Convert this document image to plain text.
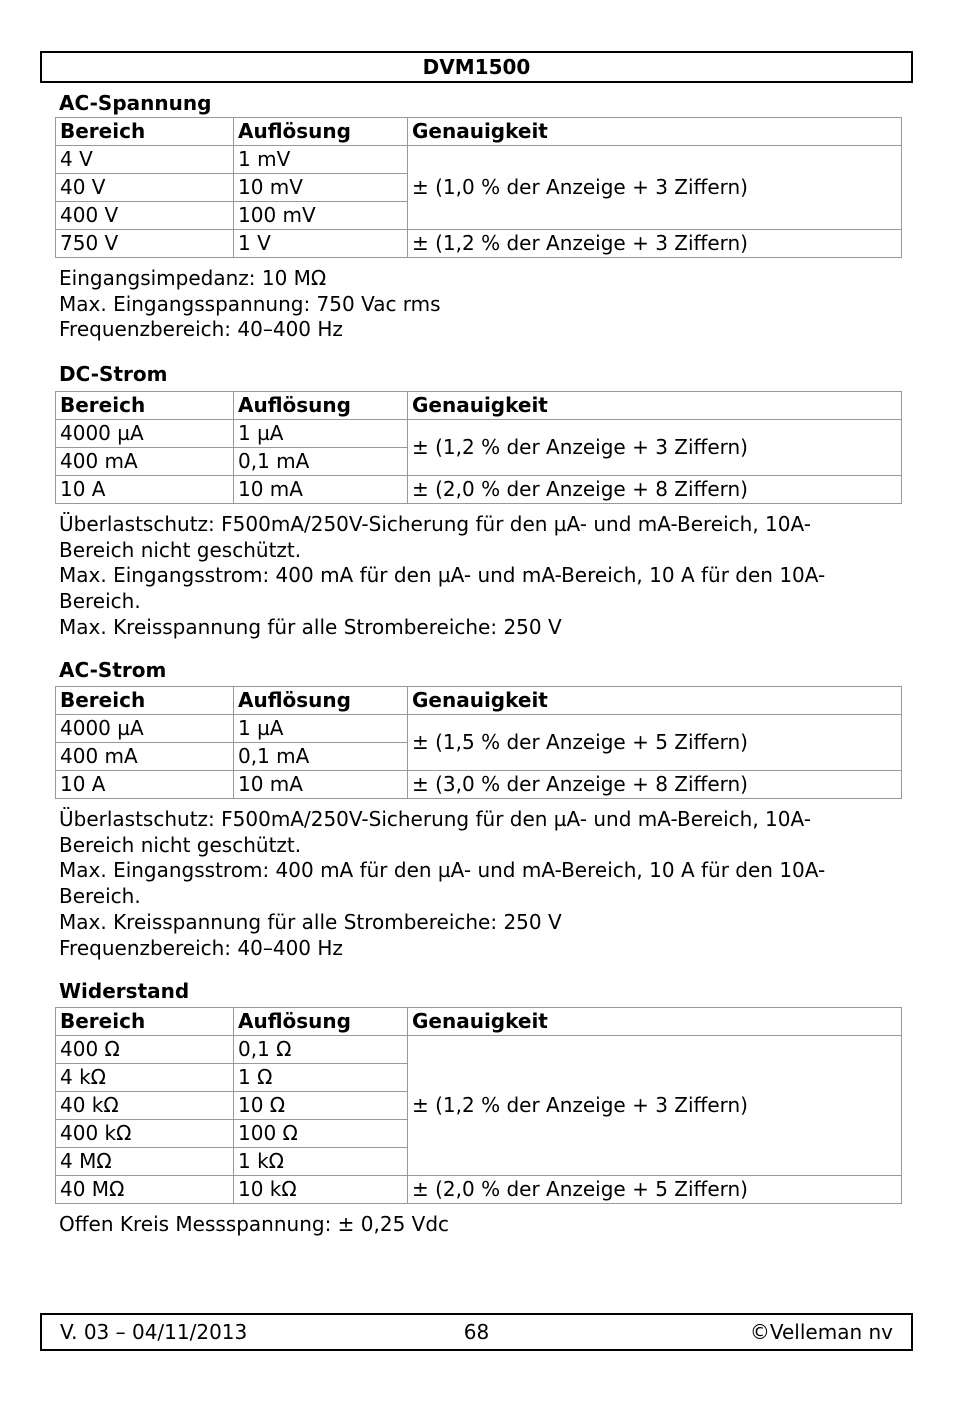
DVM1500
AC-Spannung
Bereich	Auflösung	Genauigkeit
4 V	1 mV	± (1,0 % der Anzeige + 3 Ziffern)
40 V	10 mV	
400 V	100 mV	
750 V	1 V	± (1,2 % der Anzeige + 3 Ziffern)

Eingangsimpedanz: 10 MΩ

Max. Eingangsspannung: 750 Vac rms

Frequenzbereich: 40–400 Hz

DC-Strom
Bereich	Auflösung	Genauigkeit
4000 µA	1 µA	± (1,2 % der Anzeige + 3 Ziffern)
400 mA	0,1 mA	
10 A	10 mA	± (2,0 % der Anzeige + 8 Ziffern)

Überlastschutz: F500mA/250V-Sicherung für den µA- und mA-Bereich, 10A-

Bereich nicht geschützt.

Max. Eingangsstrom: 400 mA für den µA- und mA-Bereich, 10 A für den 10A-

Bereich.

Max. Kreisspannung für alle Strombereiche: 250 V

AC-Strom
Bereich	Auflösung	Genauigkeit
4000 µA	1 µA	± (1,5 % der Anzeige + 5 Ziffern)
400 mA	0,1 mA	
10 A	10 mA	± (3,0 % der Anzeige + 8 Ziffern)

Überlastschutz: F500mA/250V-Sicherung für den µA- und mA-Bereich, 10A-

Bereich nicht geschützt.

Max. Eingangsstrom: 400 mA für den µA- und mA-Bereich, 10 A für den 10A-

Bereich.

Max. Kreisspannung für alle Strombereiche: 250 V

Frequenzbereich: 40–400 Hz

Widerstand
Bereich	Auflösung	Genauigkeit
400 Ω	0,1 Ω	± (1,2 % der Anzeige + 3 Ziffern)
4 kΩ	1 Ω	
40 kΩ	10 Ω	
400 kΩ	100 Ω	
4 MΩ	1 kΩ	
40 MΩ	10 kΩ	± (2,0 % der Anzeige + 5 Ziffern)

Offen Kreis Messspannung: ± 0,25 Vdc

V. 03 – 04/11/2013	68	©Velleman nv
